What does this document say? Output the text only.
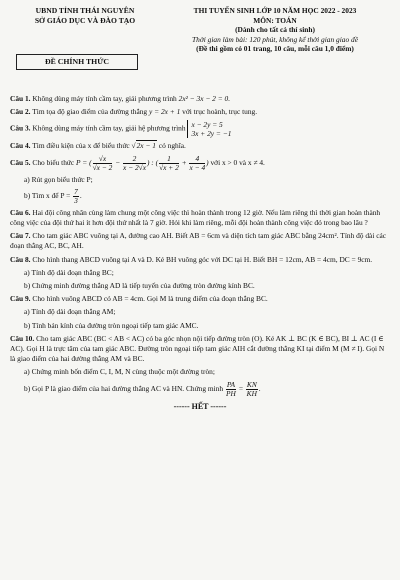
UBND TỈNH THÁI NGUYÊN
SỞ GIÁO DỤC VÀ ĐÀO TẠO
ĐỀ CHÍNH THỨC
THI TUYỂN SINH LỚP 10 NĂM HỌC 2022 - 2023
MÔN: TOÁN
(Dành cho tất cả thí sinh)
Thời gian làm bài: 120 phút, không kể thời gian giao đề
(Đề thi gồm có 01 trang, 10 câu, mỗi câu 1,0 điểm)

Câu 1. Không dùng máy tính cầm tay, giải phương trình 2x² − 3x − 2 = 0.

Câu 2. Tìm tọa độ giao điểm của đường thẳng y = 2x + 1 với trục hoành, trục tung.

Câu 3. Không dùng máy tính cầm tay, giải hệ phương trình x − 2y = 5
3x + 2y = −1

Câu 4. Tìm điều kiện của x để biểu thức √2x − 1 có nghĩa.

Câu 5. Cho biểu thức P = ( $\frac{√x}{√x - 2} - \frac{2}{x - 2√x}$ ) : ( $\frac{1}{√x + 2} + \frac{4}{x - 4}$ ) với x > 0 và x ≠ 4.

a) Rút gọn biểu thức P;

b) Tìm x để $P = \frac{7}{3}$ .

Câu 6. Hai đội công nhân cùng làm chung một công việc thì hoàn thành trong 12 giờ. Nếu làm riêng thì thời gian hoàn thành công việc của đội thứ hai ít hơn đội thứ nhất là 7 giờ. Hỏi khi làm riêng, mỗi đội hoàn thành công việc đó trong bao lâu ?

Câu 7. Cho tam giác ABC vuông tại A, đường cao AH. Biết AB = 6cm và diện tích tam giác ABC bằng 24cm². Tính độ dài các đoạn thẳng AC, BC, AH.

Câu 8. Cho hình thang ABCD vuông tại A và D. Kẻ BH vuông góc với DC tại H. Biết BH = 12cm, AB = 4cm, DC = 9cm.

a) Tính độ dài đoạn thẳng BC;

b) Chứng minh đường thẳng AD là tiếp tuyến của đường tròn đường kính BC.

Câu 9. Cho hình vuông ABCD có AB = 4cm. Gọi M là trung điểm của đoạn thẳng BC.

a) Tính độ dài đoạn thẳng AM;

b) Tính bán kính của đường tròn ngoại tiếp tam giác AMC.

Câu 10. Cho tam giác ABC (BC < AB < AC) có ba góc nhọn nội tiếp đường tròn (O). Kẻ AK ⊥ BC (K ∈ BC), BI ⊥ AC (I ∈ AC). Gọi H là trực tâm của tam giác ABC. Đường tròn ngoại tiếp tam giác AIH cắt đường thẳng KI tại điểm M (M ≠ I). Gọi N là giao điểm của hai đường thẳng AM và BC.

a) Chứng minh bốn điểm C, I, M, N cùng thuộc một đường tròn;

b) Gọi P là giao điểm của hai đường thẳng AC và HN. Chứng minh $\frac{PA}{PH} = \frac{KN}{KH}$ .

------ HẾT ------
